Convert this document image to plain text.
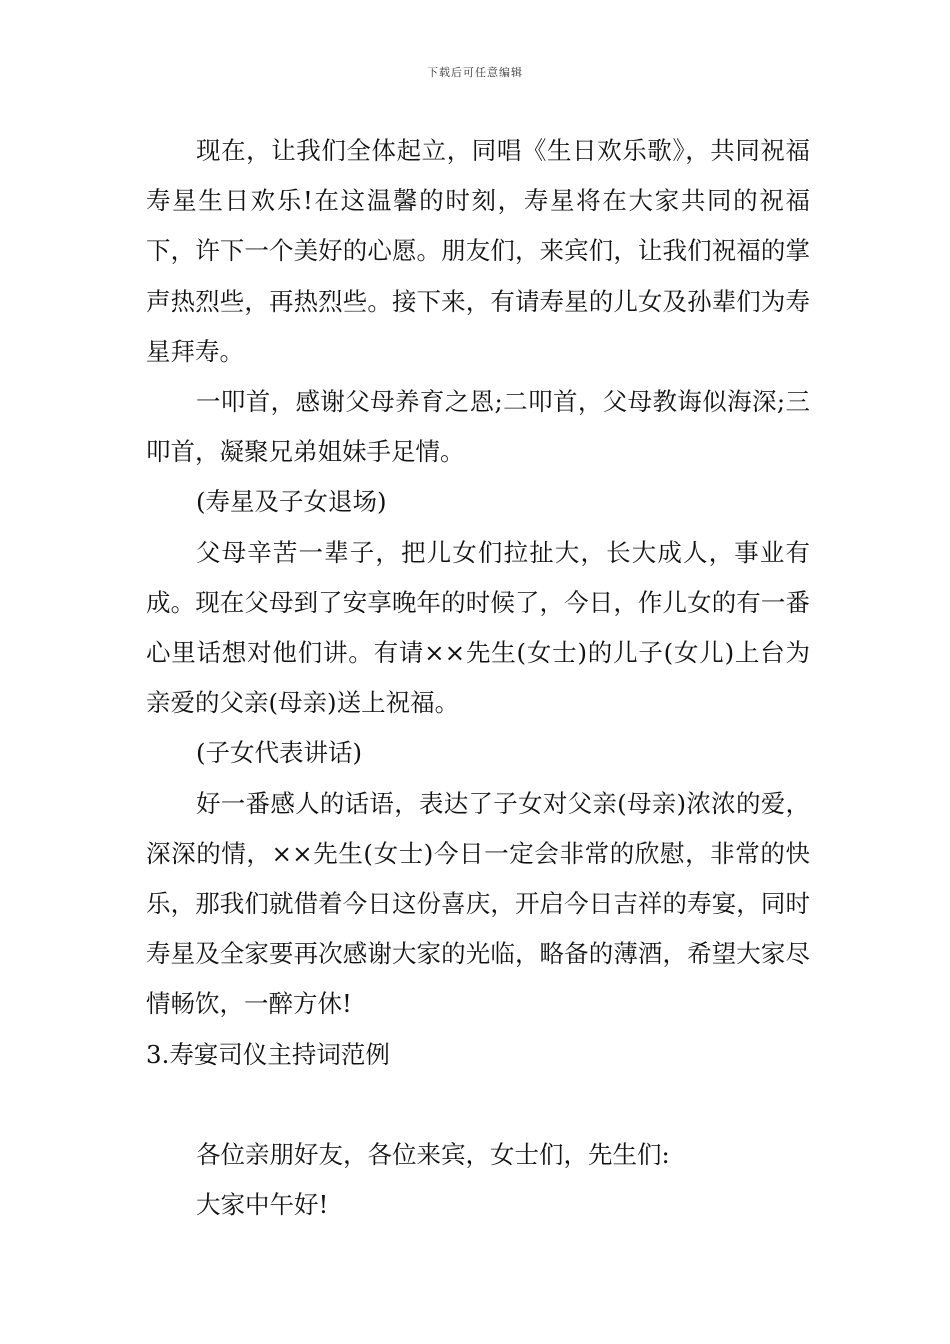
下载后可任意编辑

现在，让我们全体起立，同唱《生日欢乐歌》，共同祝福寿星生日欢乐!在这温馨的时刻，寿星将在大家共同的祝福下，许下一个美好的心愿。朋友们，来宾们，让我们祝福的掌声热烈些，再热烈些。接下来，有请寿星的儿女及孙辈们为寿星拜寿。

一叩首，感谢父母养育之恩;二叩首，父母教诲似海深;三叩首，凝聚兄弟姐妹手足情。

(寿星及子女退场)

父母辛苦一辈子，把儿女们拉扯大，长大成人，事业有成。现在父母到了安享晚年的时候了，今日，作儿女的有一番心里话想对他们讲。有请××先生(女士)的儿子(女儿)上台为亲爱的父亲(母亲)送上祝福。

(子女代表讲话)

好一番感人的话语，表达了子女对父亲(母亲)浓浓的爱，深深的情，××先生(女士)今日一定会非常的欣慰，非常的快乐，那我们就借着今日这份喜庆，开启今日吉祥的寿宴，同时寿星及全家要再次感谢大家的光临，略备的薄酒，希望大家尽情畅饮，一醉方休!

3.寿宴司仪主持词范例

各位亲朋好友，各位来宾，女士们，先生们:

大家中午好!
